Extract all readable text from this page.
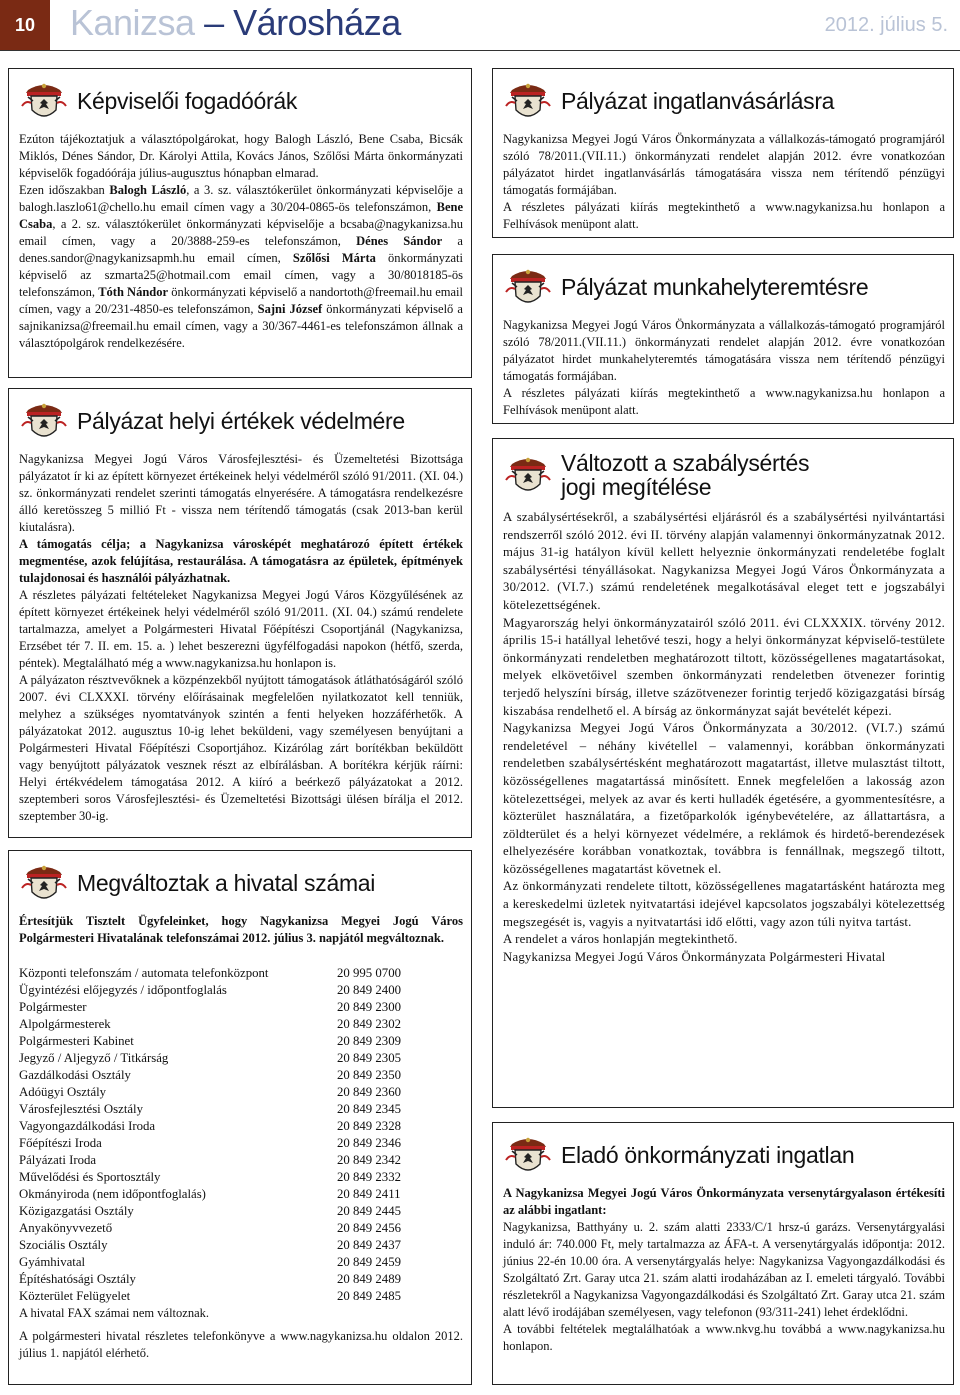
10 Kanizsa – Városháza	2012. július 5.
Képviselői fogadóórák

Ezúton tájékoztatjuk a választópolgárokat, hogy Balogh László, Bene Csaba, Bicsák Miklós, Dénes Sándor, Dr. Károlyi Attila, Kovács János, Szőlősi Márta önkormányzati képviselők fogadóórája július-augusztus hónapban elmarad.

Ezen időszakban Balogh László, a 3. sz. választókerület önkormányzati képviselője a balogh.laszlo61@chello.hu email címen vagy a 30/204-0865-ös telefonszámon, Bene Csaba, a 2. sz. választókerület önkormányzati képviselője a bcsaba@nagykanizsa.hu email címen, vagy a 20/3888-259-es telefonszámon, Dénes Sándor a denes.sandor@nagykanizsapmh.hu email címen, Szőlősi Márta önkormányzati képviselő az szmarta25@hotmail.com email címen, vagy a 30/8018185-ös telefonszámon, Tóth Nándor önkormányzati képviselő a nandortoth@freemail.hu email címen, vagy a 20/231-4850-es telefonszámon, Sajni József önkormányzati képviselő a sajnikanizsa@freemail.hu email címen, vagy a 30/367-4461-es telefonszámon állnak a választópolgárok rendelkezésére.

Pályázat helyi értékek védelmére

Nagykanizsa Megyei Jogú Város Városfejlesztési- és Üzemeltetési Bizottsága pályázatot ír ki az épített környezet értékeinek helyi védelméről szóló 91/2011. (XI. 04.) sz. önkormányzati rendelet szerinti támogatás elnyerésére. A támogatásra rendelkezésre álló keretösszeg 5 millió Ft - vissza nem térítendő támogatás (csak 2013-ban kerül kiutalásra).

A támogatás célja; a Nagykanizsa városképét meghatározó épített értékek megmentése, azok felújítása, restaurálása. A támogatásra az épületek, építmények tulajdonosai és használói pályázhatnak.

A részletes pályázati feltételeket Nagykanizsa Megyei Jogú Város Közgyűlésének az épített környezet értékeinek helyi védelméről szóló 91/2011. (XI. 04.) számú rendelete tartalmazza, amelyet a Polgármesteri Hivatal Főépítészi Csoportjánál (Nagykanizsa, Erzsébet tér 7. II. em. 15. a. ) lehet beszerezni ügyfélfogadási napokon (hétfő, szerda, péntek). Megtalálható még a www.nagykanizsa.hu honlapon is.

A pályázaton résztvevőknek a közpénzekből nyújtott támogatások átláthatóságáról szóló 2007. évi CLXXXI. törvény előírásainak megfelelően nyilatkozatot kell tenniük, melyhez a szükséges nyomtatványok szintén a fenti helyeken hozzáférhetők. A pályázatokat 2012. augusztus 10-ig lehet beküldeni, vagy személyesen benyújtani a Polgármesteri Hivatal Főépítészi Csoportjához. Kizárólag zárt borítékban beküldött vagy benyújtott pályázatok vesznek részt az elbírálásban. A borítékra kérjük ráírni: Helyi értékvédelem támogatása 2012. A kiíró a beérkező pályázatokat a 2012. szeptemberi soros Városfejlesztési- és Üzemeltetési Bizottsági ülésen bírálja el 2012. szeptember 30-ig.

Megváltoztak a hivatal számai

Értesítjük Tisztelt Ügyfeleinket, hogy Nagykanizsa Megyei Jogú Város Polgármesteri Hivatalának telefonszámai 2012. július 3. napjától megváltoznak.

Központi telefonszám / automata telefonközpont	20 995 0700
Ügyintézési előjegyzés / időpontfoglalás	20 849 2400
Polgármester	20 849 2300
Alpolgármesterek	20 849 2302
Polgármesteri Kabinet	20 849 2309
Jegyző / Aljegyző / Titkárság	20 849 2305
Gazdálkodási Osztály	20 849 2350
Adóügyi Osztály	20 849 2360
Városfejlesztési Osztály	20 849 2345
Vagyongazdálkodási Iroda	20 849 2328
Főépítészi Iroda	20 849 2346
Pályázati Iroda	20 849 2342
Művelődési és Sportosztály	20 849 2332
Okmányiroda (nem időpontfoglalás)	20 849 2411
Közigazgatási Osztály	20 849 2445
Anyakönyvvezető	20 849 2456
Szociális Osztály	20 849 2437
Gyámhivatal	20 849 2459
Építéshatósági Osztály	20 849 2489
Közterület Felügyelet	20 849 2485

A hivatal FAX számai nem változnak.

A polgármesteri hivatal részletes telefonkönyve a www.nagykanizsa.hu oldalon 2012. július 1. napjától elérhető.

Pályázat ingatlanvásárlásra

Nagykanizsa Megyei Jogú Város Önkormányzata a vállalkozás-támogató programjáról szóló 78/2011.(VII.11.) önkormányzati rendelet alapján 2012. évre vonatkozóan pályázatot hirdet ingatlanvásárlás támogatására vissza nem térítendő pénzügyi támogatás formájában.

A részletes pályázati kiírás megtekinthető a www.nagykanizsa.hu honlapon a Felhívások menüpont alatt.

Pályázat munkahelyteremtésre

Nagykanizsa Megyei Jogú Város Önkormányzata a vállalkozás-támogató programjáról szóló 78/2011.(VII.11.) önkormányzati rendelet alapján 2012. évre vonatkozóan pályázatot hirdet munkahelyteremtés támogatására vissza nem térítendő pénzügyi támogatás formájában.

A részletes pályázati kiírás megtekinthető a www.nagykanizsa.hu honlapon a Felhívások menüpont alatt.

Változott a szabálysértés
jogi megítélése

A szabálysértésekről, a szabálysértési eljárásról és a szabálysértési nyilvántartási rendszerről szóló 2012. évi II. törvény alapján valamennyi önkormányzatnak 2012. május 31-ig hatályon kívül kellett helyeznie önkormányzati rendeletébe foglalt szabálysértési tényállásokat. Nagykanizsa Megyei Jogú Város Önkormányzata a 30/2012. (VI.7.) számú rendeletének megalkotásával eleget tett e jogszabályi kötelezettségének.

Magyarország helyi önkormányzatairól szóló 2011. évi CLXXXIX. törvény 2012. április 15-i hatállyal lehetővé teszi, hogy a helyi önkormányzat képviselő-testülete önkormányzati rendeletben meghatározott tiltott, közösségellenes magatartásokat, melyek elkövetőivel szemben önkormányzati rendeletben ötvenezer forintig terjedő helyszíni bírság, illetve százötvenezer forintig terjedő közigazgatási bírság kiszabása rendelhető el. A bírság az önkormányzat saját bevételét képezi.

Nagykanizsa Megyei Jogú Város Önkormányzata a 30/2012. (VI.7.) számú rendeletével – néhány kivétellel – valamennyi, korábban önkormányzati rendeletben szabálysértésként meghatározott magatartást, illetve mulasztást tiltott, közösségellenes magatartássá minősített. Ennek megfelelően a lakosság azon kötelezettségei, melyek az avar és kerti hulladék égetésére, a gyommentesítésre, a közterület használatára, a fizetőparkolók igénybevételére, az állattartásra, a zöldterület és a helyi környezet védelmére, a reklámok és hirdető-berendezések elhelyezésére korábban vonatkoztak, továbbra is fennállnak, megszegő tiltott, közösségellenes magatartást követnek el.

Az önkormányzati rendelete tiltott, közösségellenes magatartásként határozta meg a kereskedelmi üzletek nyitvatartási idejével kapcsolatos jogszabályi kötelezettség megszegését is, vagyis a nyitvatartási idő előtti, vagy azon túli nyitva tartást.

A rendelet a város honlapján megtekinthető.

Nagykanizsa Megyei Jogú Város Önkormányzata Polgármesteri Hivatal

Eladó önkormányzati ingatlan

A Nagykanizsa Megyei Jogú Város Önkormányzata versenytárgyalason értékesíti az alábbi ingatlant:

Nagykanizsa, Batthyány u. 2. szám alatti 2333/C/1 hrsz-ú garázs. Versenytárgyalási induló ár: 740.000 Ft, mely tartalmazza az ÁFA-t. A versenytárgyalás időpontja: 2012. június 22-én 10.00 óra. A versenytárgyalás helye: Nagykanizsa Vagyongazdálkodási és Szolgáltató Zrt. Garay utca 21. szám alatti irodaházában az I. emeleti tárgyaló. További részletekről a Nagykanizsa Vagyongazdálkodási és Szolgáltató Zrt. Garay utca 21. szám alatt lévő irodájában személyesen, vagy telefonon (93/311-241) lehet érdeklődni.

A további feltételek megtalálhatóak a www.nkvg.hu továbbá a www.nagykanizsa.hu honlapon.
